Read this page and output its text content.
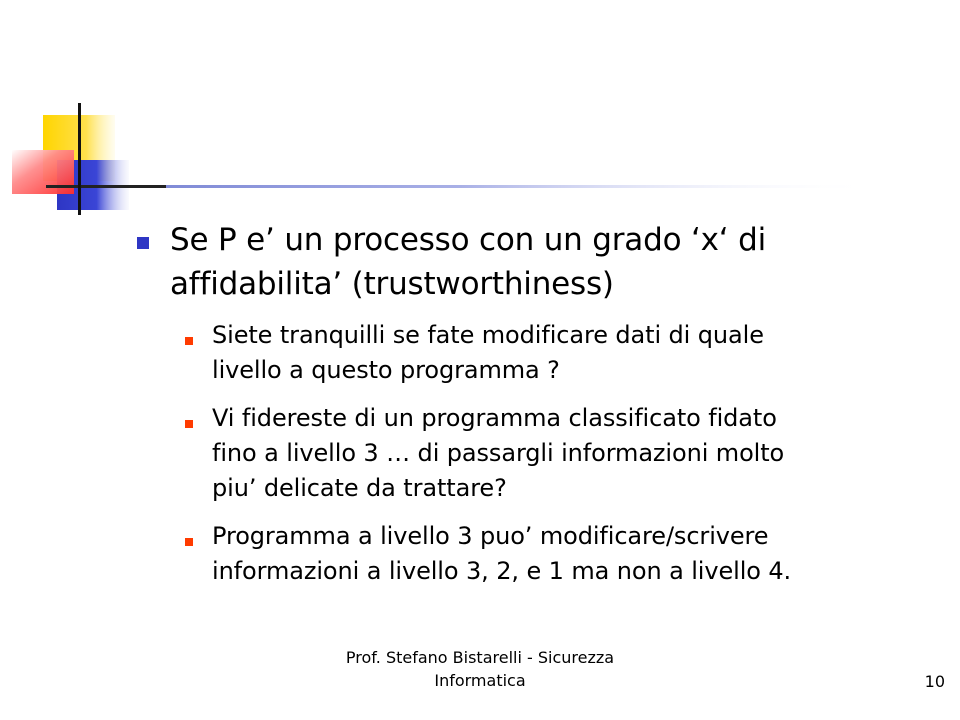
Se P e’ un processo con un grado ‘x‘ di
affidabilita’ (trustworthiness)
Siete tranquilli se fate modificare dati di quale
livello a questo programma ?
Vi fidereste di un programma classificato fidato
fino a livello 3 … di passargli informazioni molto
piu’ delicate da trattare?
Programma a livello 3 puo’ modificare/scrivere
informazioni a livello 3, 2, e 1 ma non a livello 4.
Prof. Stefano Bistarelli - Sicurezza
Informatica	10
